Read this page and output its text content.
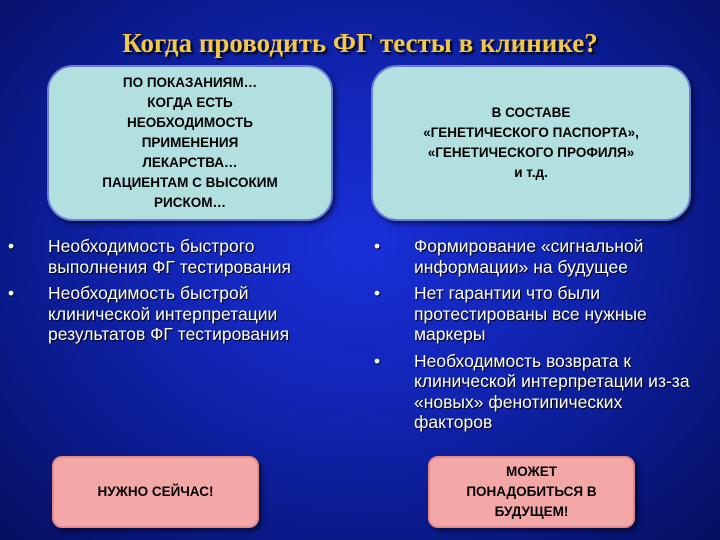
Когда проводить ФГ тесты в клинике?
ПО ПОКАЗАНИЯМ…
КОГДА ЕСТЬ
НЕОБХОДИМОСТЬ
ПРИМЕНЕНИЯ
ЛЕКАРСТВА…
ПАЦИЕНТАМ С ВЫСОКИМ
РИСКОМ…
В СОСТАВЕ
«ГЕНЕТИЧЕСКОГО ПАСПОРТА»,
«ГЕНЕТИЧЕСКОГО ПРОФИЛЯ»
и т.д.
• Необходимость быстрого выполнения ФГ тестирования
• Необходимость быстрой клинической интерпретации результатов ФГ тестирования
• Формирование «сигнальной информации» на будущее
• Нет гарантии что были протестированы все нужные маркеры
• Необходимость возврата к клинической интерпретации из-за «новых» фенотипических факторов
НУЖНО СЕЙЧАС!
МОЖЕТ
ПОНАДОБИТЬСЯ В
БУДУЩЕМ!
